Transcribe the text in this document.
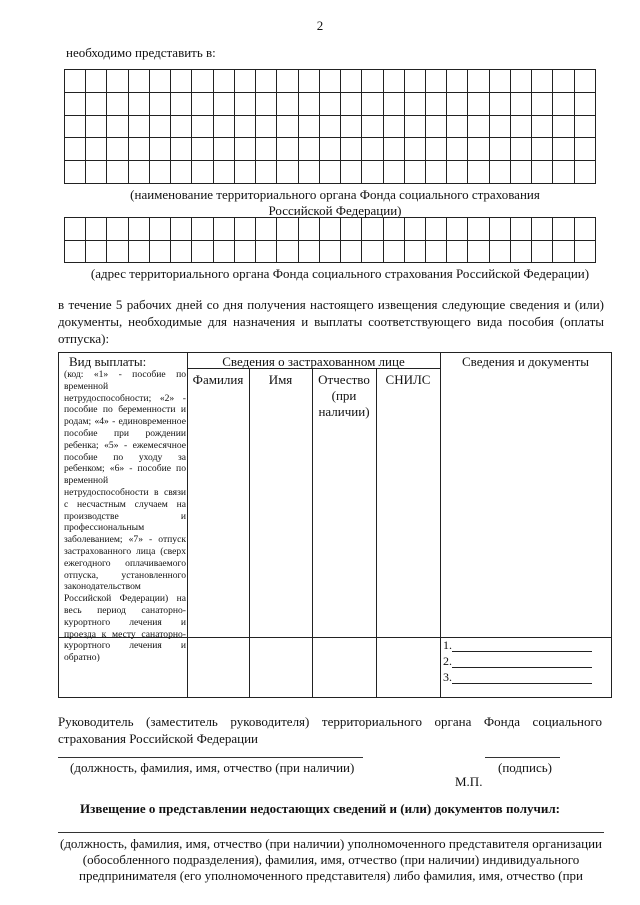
2
необходимо представить в:

(наименование территориального органа Фонда социального страхования Российской Федерации)

(адрес территориального органа Фонда социального страхования Российской Федерации)
в течение 5 рабочих дней со дня получения настоящего извещения следующие сведения и (или) документы, необходимые для назначения и выплаты соответствующего вида пособия (оплаты отпуска):
Вид выплаты:
(код: «1» - пособие по временной нетрудоспособности; «2» - пособие по беременности и родам; «4» - единовременное пособие при рождении ребенка; «5» - ежемесячное пособие по уходу за ребенком; «6» - пособие по временной нетрудоспособности в связи с несчастным случаем на производстве и профессиональным заболеванием; «7» - отпуск застрахованного лица (сверх ежегодного оплачиваемого отпуска, установленного законодательством Российской Федерации) на весь период санаторно-курортного лечения и проезда к месту санаторно-курортного лечения и обратно)
Сведения о застрахованном лице
Фамилия	Имя	Отчество (при наличии)
СНИЛС
Сведения и документы
1.
2.
3.
Руководитель (заместитель руководителя) территориального органа Фонда социального страхования Российской Федерации
(должность, фамилия, имя, отчество (при наличии)	(подпись)
М.П.
Извещение о представлении недостающих сведений и (или) документов получил:
(должность, фамилия, имя, отчество (при наличии) уполномоченного представителя организации (обособленного подразделения), фамилия, имя, отчество (при наличии) индивидуального предпринимателя (его уполномоченного представителя) либо фамилия, имя, отчество (при
